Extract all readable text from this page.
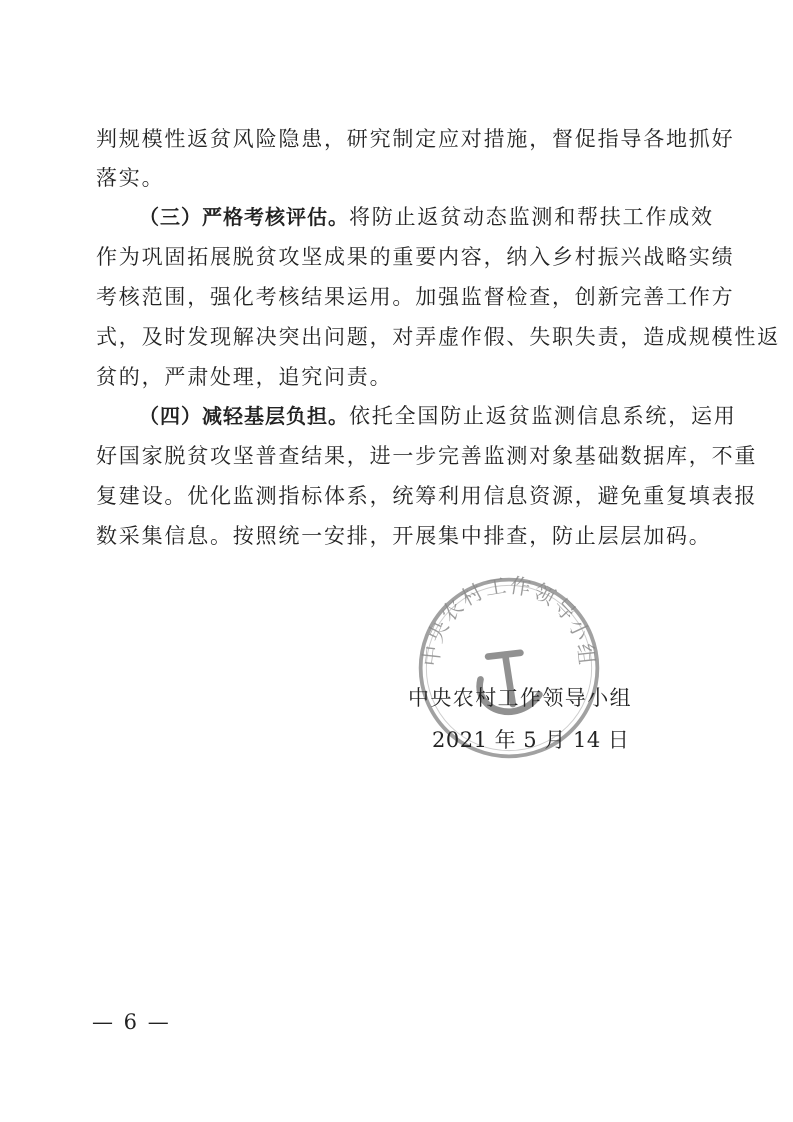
判规模性返贫风险隐患，研究制定应对措施，督促指导各地抓好
落实。
（三）严格考核评估。将防止返贫动态监测和帮扶工作成效
作为巩固拓展脱贫攻坚成果的重要内容，纳入乡村振兴战略实绩
考核范围，强化考核结果运用。加强监督检查，创新完善工作方
式，及时发现解决突出问题，对弄虚作假、失职失责，造成规模性返
贫的，严肃处理，追究问责。
（四）减轻基层负担。依托全国防止返贫监测信息系统，运用
好国家脱贫攻坚普查结果，进一步完善监测对象基础数据库，不重
复建设。优化监测指标体系，统筹利用信息资源，避免重复填表报
数采集信息。按照统一安排，开展集中排查，防止层层加码。
中央农村工作领导小组
中央农村工作领导小组
2021 年 5 月 14 日
— 6 —
